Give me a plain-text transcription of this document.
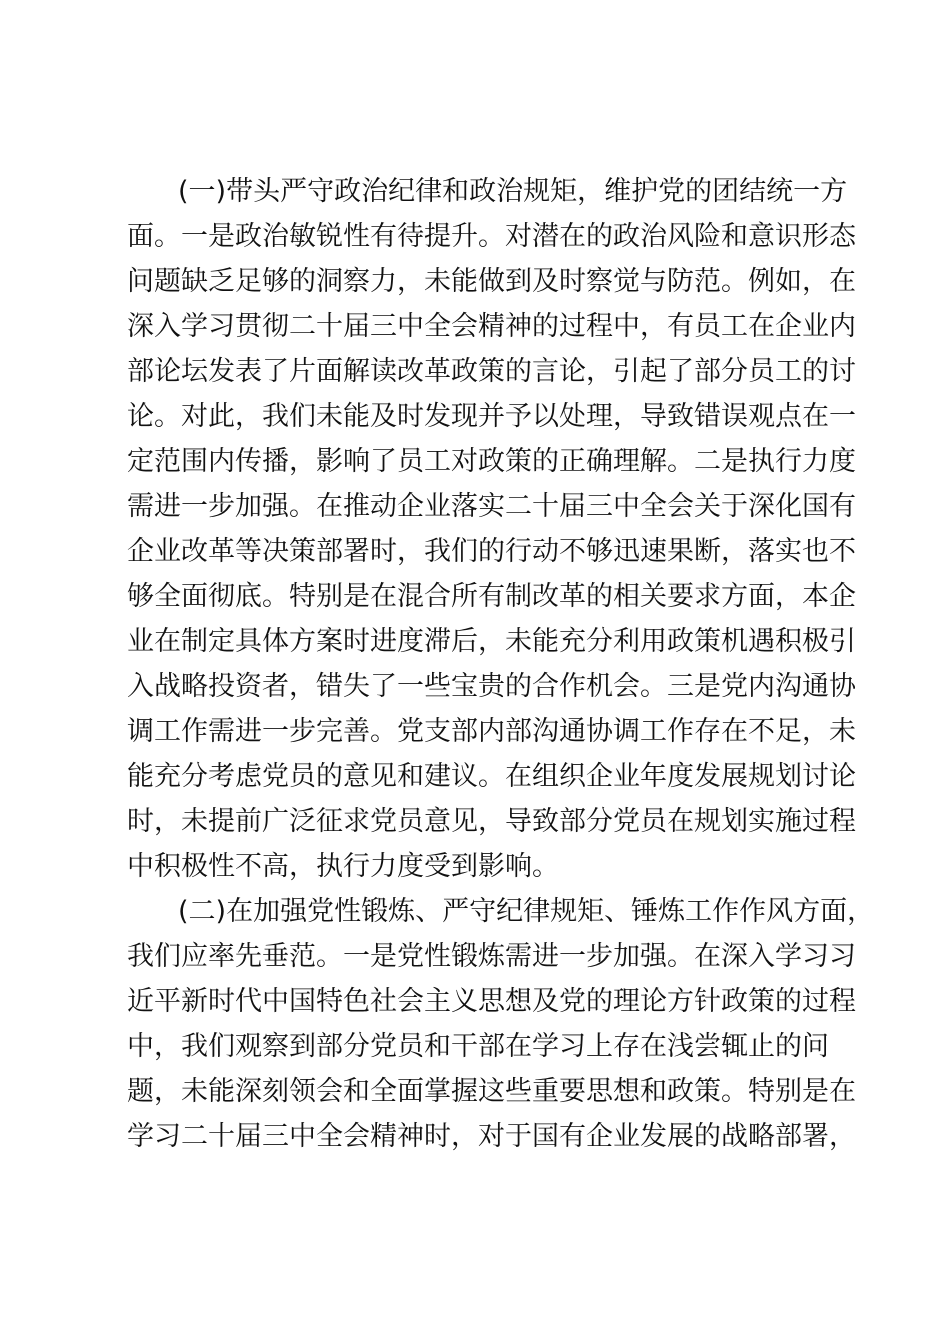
(一)带头严守政治纪律和政治规矩，维护党的团结统一方
面。一是政治敏锐性有待提升。对潜在的政治风险和意识形态
问题缺乏足够的洞察力，未能做到及时察觉与防范。例如，在
深入学习贯彻二十届三中全会精神的过程中，有员工在企业内
部论坛发表了片面解读改革政策的言论，引起了部分员工的讨
论。对此，我们未能及时发现并予以处理，导致错误观点在一
定范围内传播，影响了员工对政策的正确理解。二是执行力度
需进一步加强。在推动企业落实二十届三中全会关于深化国有
企业改革等决策部署时，我们的行动不够迅速果断，落实也不
够全面彻底。特别是在混合所有制改革的相关要求方面，本企
业在制定具体方案时进度滞后，未能充分利用政策机遇积极引
入战略投资者，错失了一些宝贵的合作机会。三是党内沟通协
调工作需进一步完善。党支部内部沟通协调工作存在不足，未
能充分考虑党员的意见和建议。在组织企业年度发展规划讨论
时，未提前广泛征求党员意见，导致部分党员在规划实施过程
中积极性不高，执行力度受到影响。
(二)在加强党性锻炼、严守纪律规矩、锤炼工作作风方面，
我们应率先垂范。一是党性锻炼需进一步加强。在深入学习习
近平新时代中国特色社会主义思想及党的理论方针政策的过程
中，我们观察到部分党员和干部在学习上存在浅尝辄止的问
题，未能深刻领会和全面掌握这些重要思想和政策。特别是在
学习二十届三中全会精神时，对于国有企业发展的战略部署，
